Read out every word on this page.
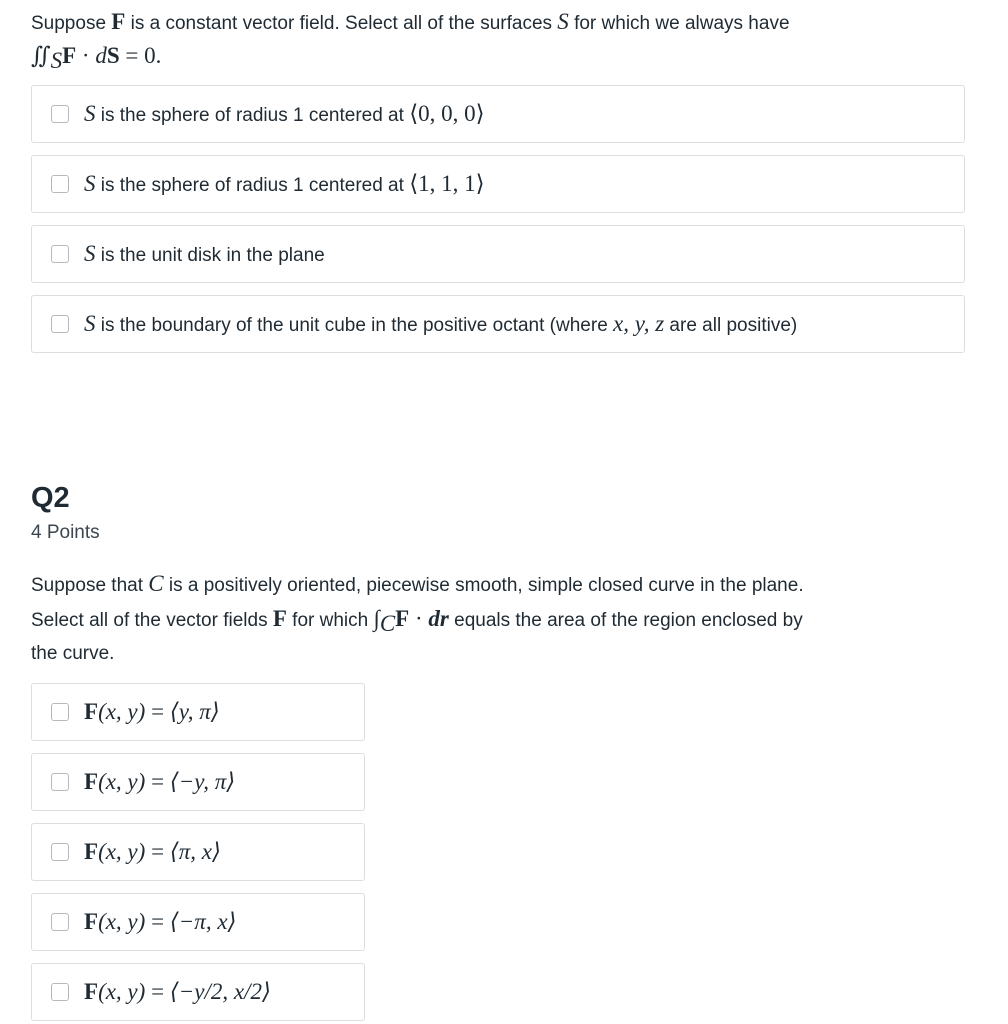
Suppose F is a constant vector field. Select all of the surfaces S for which we always have
$∬_SF$ · dS = 0.
S is the sphere of radius 1 centered at ⟨0, 0, 0⟩
S is the sphere of radius 1 centered at ⟨1, 1, 1⟩
S is the unit disk in the plane
S is the boundary of the unit cube in the positive octant (where x, y, z are all positive)
Q2
4 Points
Suppose that C is a positively oriented, piecewise smooth, simple closed curve in the plane.
Select all of the vector fields F for which $\int_CF$ · dr equals the area of the region enclosed by
the curve.
F(x, y) = ⟨y, π⟩
F(x, y) = ⟨−y, π⟩
F(x, y) = ⟨π, x⟩
F(x, y) = ⟨−π, x⟩
F(x, y) = ⟨−y/2, x/2⟩
